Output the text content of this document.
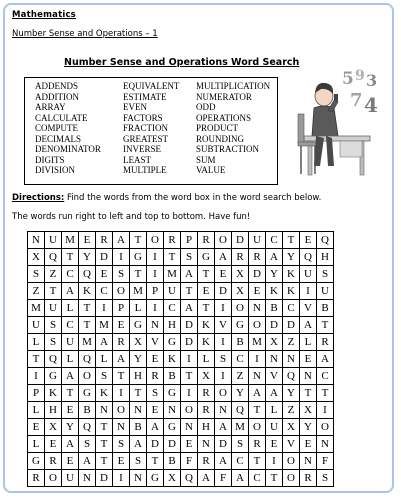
Mathematics
Number Sense and Operations – 1
Number Sense and Operations Word Search
ADDENDS
ADDITION
ARRAY
CALCULATE
COMPUTE
DECIMALS
DENOMINATOR
DIGITS
DIVISION
EQUIVALENT
ESTIMATE
EVEN
FACTORS
FRACTION
GREATEST
INVERSE
LEAST
MULTIPLE
MULTIPLICATION
NUMERATOR
ODD
OPERATIONS
PRODUCT
ROUNDING
SUBTRACTION
SUM
VALUE
5 9 3
7 4
Directions: Find the words from the word box in the word search below.
The words run right to left and top to bottom. Have fun!
N	U	M	E	R	A	T	O	R	P	R	O	D	U	C	T	E	Q
X	Q	T	Y	D	I	G	I	T	S	G	A	R	R	A	Y	Q	H
S	Z	C	Q	E	S	T	I	M	A	T	E	X	D	Y	K	U	S
Z	T	A	K	C	O	M	P	U	T	E	D	X	E	K	K	I	U
M	U	L	T	I	P	L	I	C	A	T	I	O	N	B	C	V	B
U	S	C	T	M	E	G	N	H	D	K	V	G	O	D	D	A	T
L	S	U	M	A	R	X	V	G	D	K	I	B	M	X	Z	L	R
T	Q	L	Q	L	A	Y	E	K	I	L	S	C	I	N	N	E	A
I	G	A	O	S	T	H	R	B	T	X	I	Z	N	V	Q	N	C
P	K	T	G	K	I	T	S	G	I	R	O	Y	A	A	Y	T	T
L	H	E	B	N	O	N	E	N	O	R	N	Q	T	L	Z	X	I
E	X	Y	Q	T	N	B	A	G	N	H	A	M	O	U	X	Y	O
L	E	A	S	T	S	A	D	D	E	N	D	S	R	E	V	E	N
G	R	E	A	T	E	S	T	B	F	R	A	C	T	I	O	N	F
R	O	U	N	D	I	N	G	X	Q	A	F	A	C	T	O	R	S
